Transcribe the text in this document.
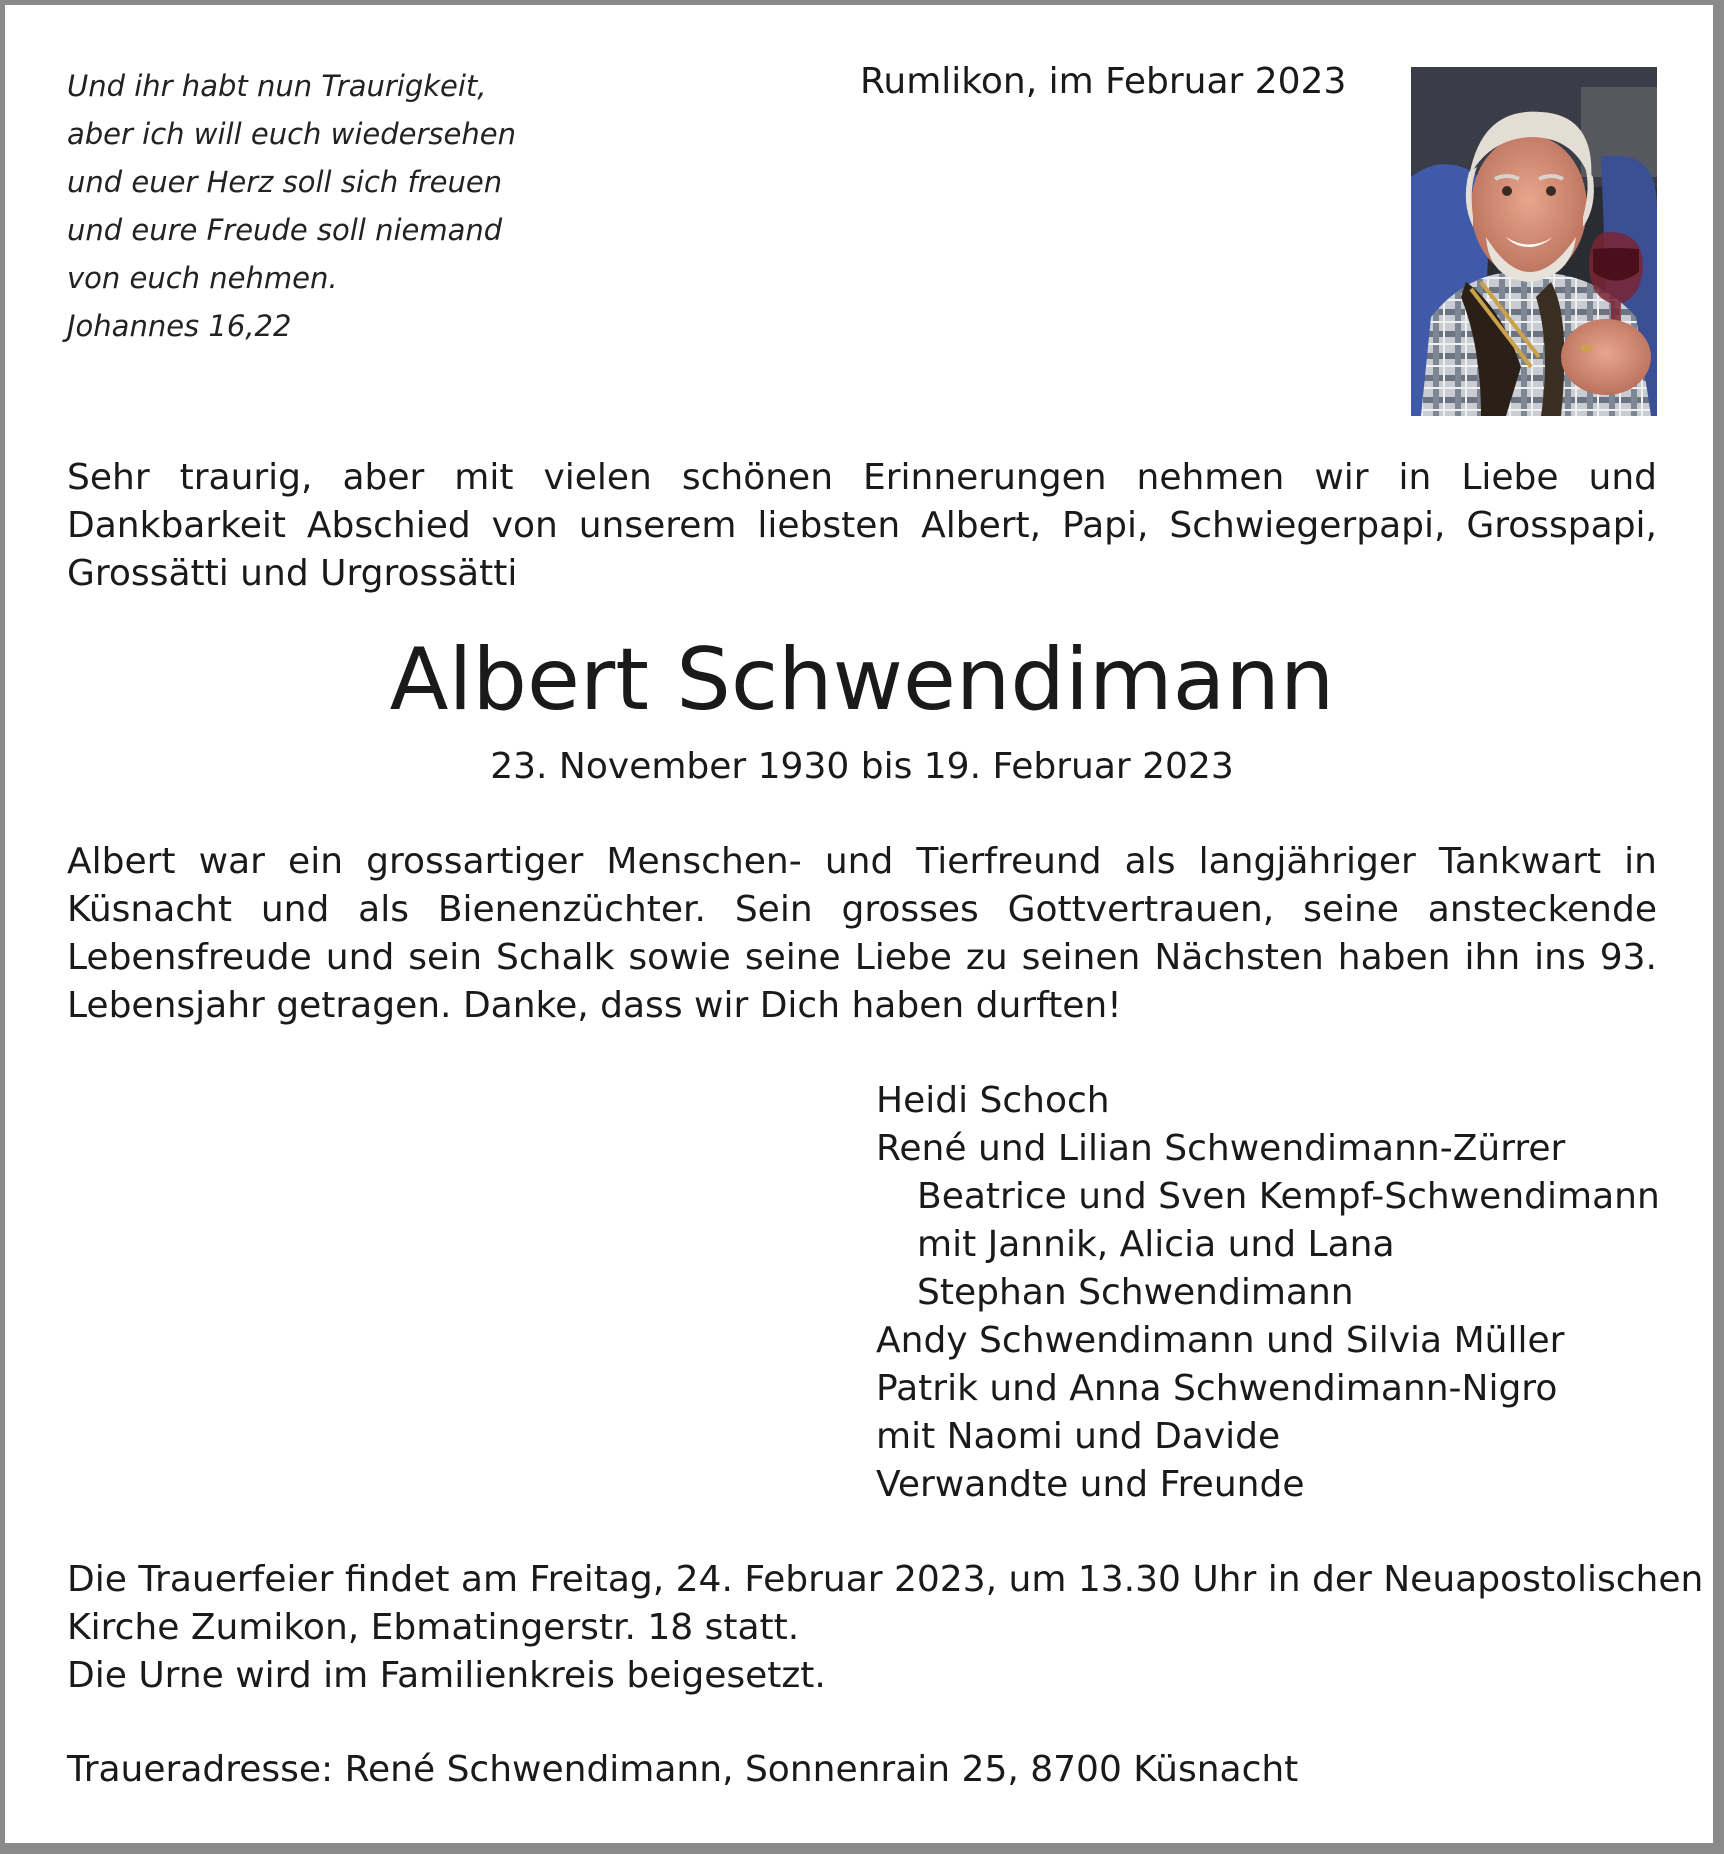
Und ihr habt nun Traurigkeit,
aber ich will euch wiedersehen
und euer Herz soll sich freuen
und eure Freude soll niemand
von euch nehmen.
Johannes 16,22
Rumlikon, im Februar 2023

Sehr traurig, aber mit vielen schönen Erinnerungen nehmen wir in Liebe und Dankbarkeit Abschied von unserem liebsten Albert, Papi, Schwiegerpapi, Grosspapi, Grossätti und Urgrossätti

Albert Schwendimann
23. November 1930 bis 19. Februar 2023

Albert war ein grossartiger Menschen- und Tierfreund als langjähriger Tankwart in Küsnacht und als Bienenzüchter. Sein grosses Gottvertrauen, seine ansteckende Lebensfreude und sein Schalk sowie seine Liebe zu seinen Nächsten haben ihn ins 93. Lebensjahr getragen. Danke, dass wir Dich haben durften!

Heidi Schoch
René und Lilian Schwendimann-Zürrer
Beatrice und Sven Kempf-Schwendimann
mit Jannik, Alicia und Lana
Stephan Schwendimann
Andy Schwendimann und Silvia Müller
Patrik und Anna Schwendimann-Nigro
mit Naomi und Davide
Verwandte und Freunde
Die Trauerfeier findet am Freitag, 24. Februar 2023, um 13.30 Uhr in der Neuapostolischen
Kirche Zumikon, Ebmatingerstr. 18 statt.
Die Urne wird im Familienkreis beigesetzt.
Traueradresse: René Schwendimann, Sonnenrain 25, 8700 Küsnacht
